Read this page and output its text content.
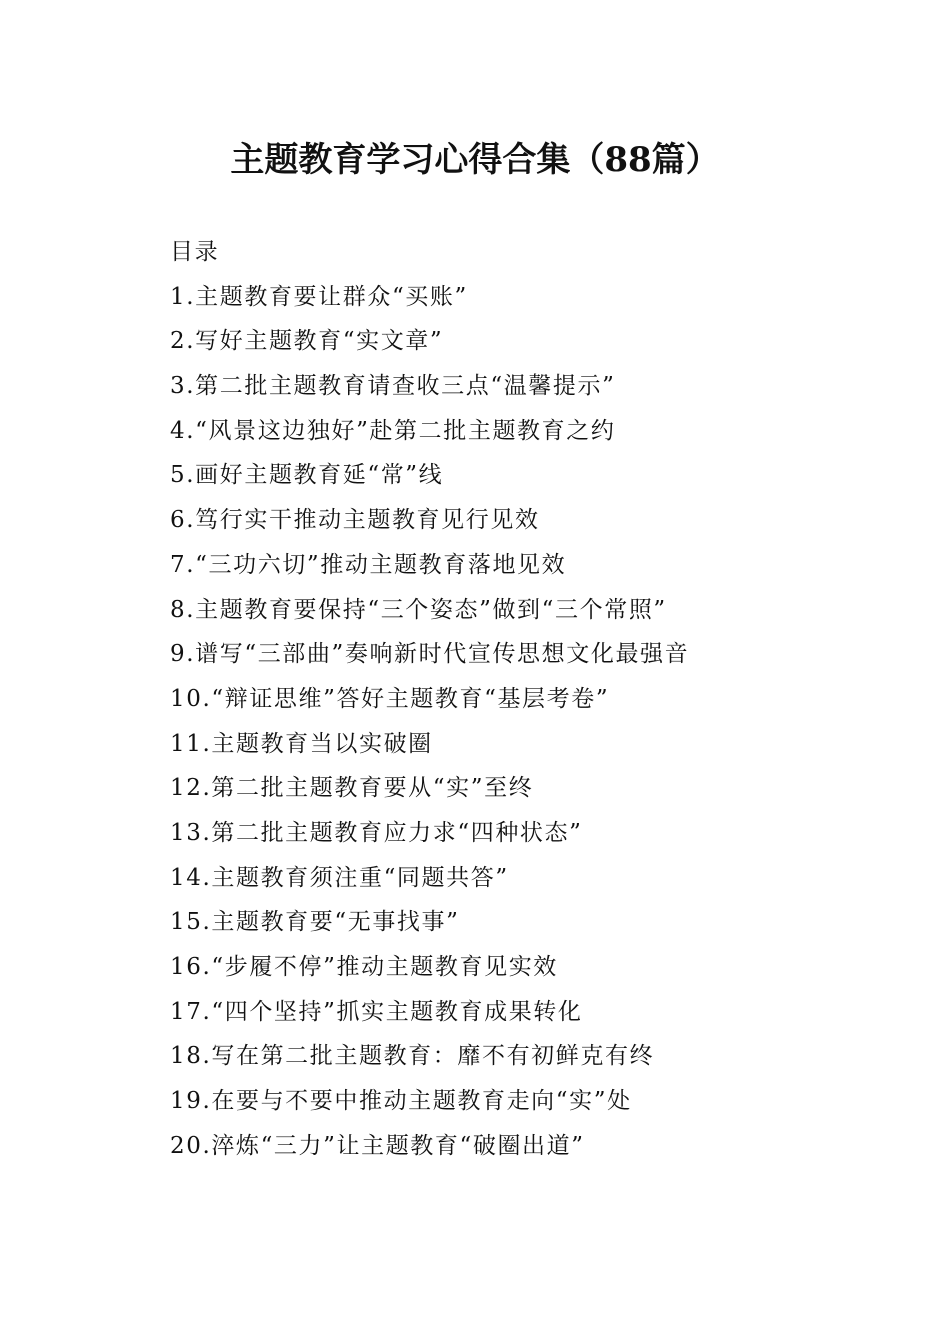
主题教育学习心得合集（88篇）
目录
1.主题教育要让群众“买账”
2.写好主题教育“实文章”
3.第二批主题教育请查收三点“温馨提示”
4.“风景这边独好”赴第二批主题教育之约
5.画好主题教育延“常”线
6.笃行实干推动主题教育见行见效
7.“三功六切”推动主题教育落地见效
8.主题教育要保持“三个姿态”做到“三个常照”
9.谱写“三部曲”奏响新时代宣传思想文化最强音
10.“辩证思维”答好主题教育“基层考卷”
11.主题教育当以实破圈
12.第二批主题教育要从“实”至终
13.第二批主题教育应力求“四种状态”
14.主题教育须注重“同题共答”
15.主题教育要“无事找事”
16.“步履不停”推动主题教育见实效
17.“四个坚持”抓实主题教育成果转化
18.写在第二批主题教育：靡不有初鲜克有终
19.在要与不要中推动主题教育走向“实”处
20.淬炼“三力”让主题教育“破圈出道”
